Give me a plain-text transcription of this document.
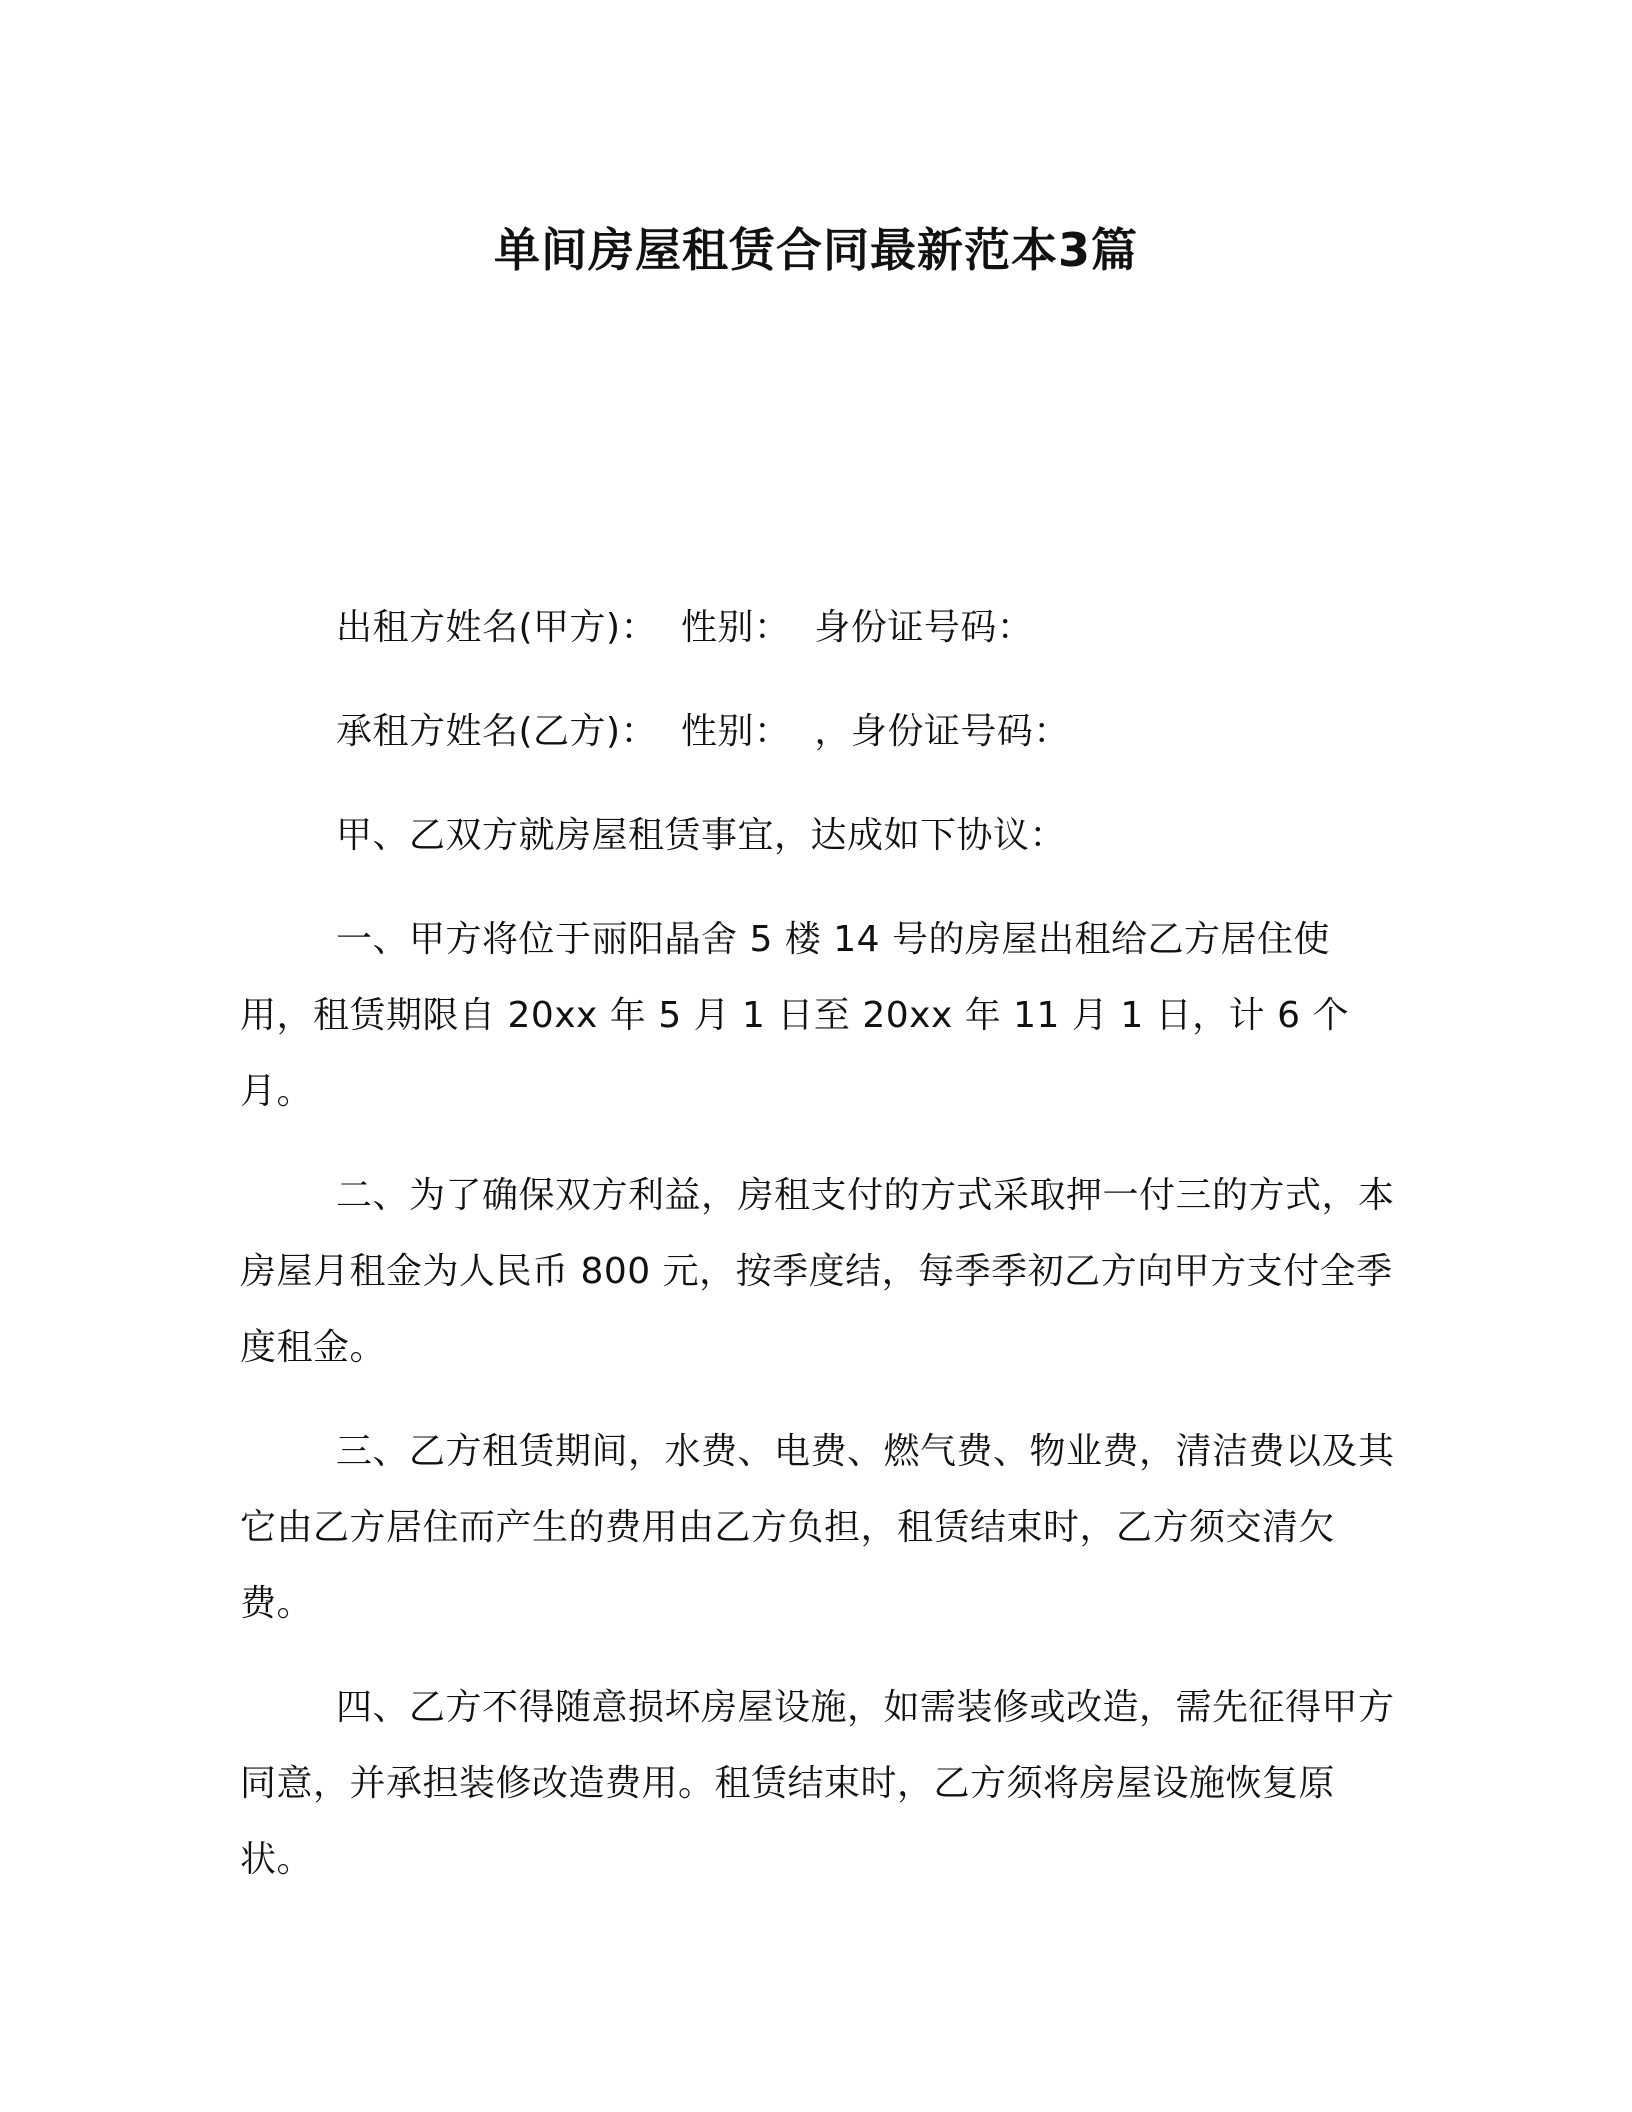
单间房屋租赁合同最新范本3篇

出租方姓名(甲方)：  性别：  身份证号码：

承租方姓名(乙方)：  性别：  ，身份证号码：

甲、乙双方就房屋租赁事宜，达成如下协议：

一、甲方将位于丽阳晶舍 5 楼 14 号的房屋出租给乙方居住使用，租赁期限自 20xx 年 5 月 1 日至 20xx 年 11 月 1 日，计 6 个月。

二、为了确保双方利益，房租支付的方式采取押一付三的方式，本房屋月租金为人民币 800 元，按季度结，每季季初乙方向甲方支付全季度租金。

三、乙方租赁期间，水费、电费、燃气费、物业费，清洁费以及其它由乙方居住而产生的费用由乙方负担，租赁结束时，乙方须交清欠费。

四、乙方不得随意损坏房屋设施，如需装修或改造，需先征得甲方同意，并承担装修改造费用。租赁结束时，乙方须将房屋设施恢复原状。
